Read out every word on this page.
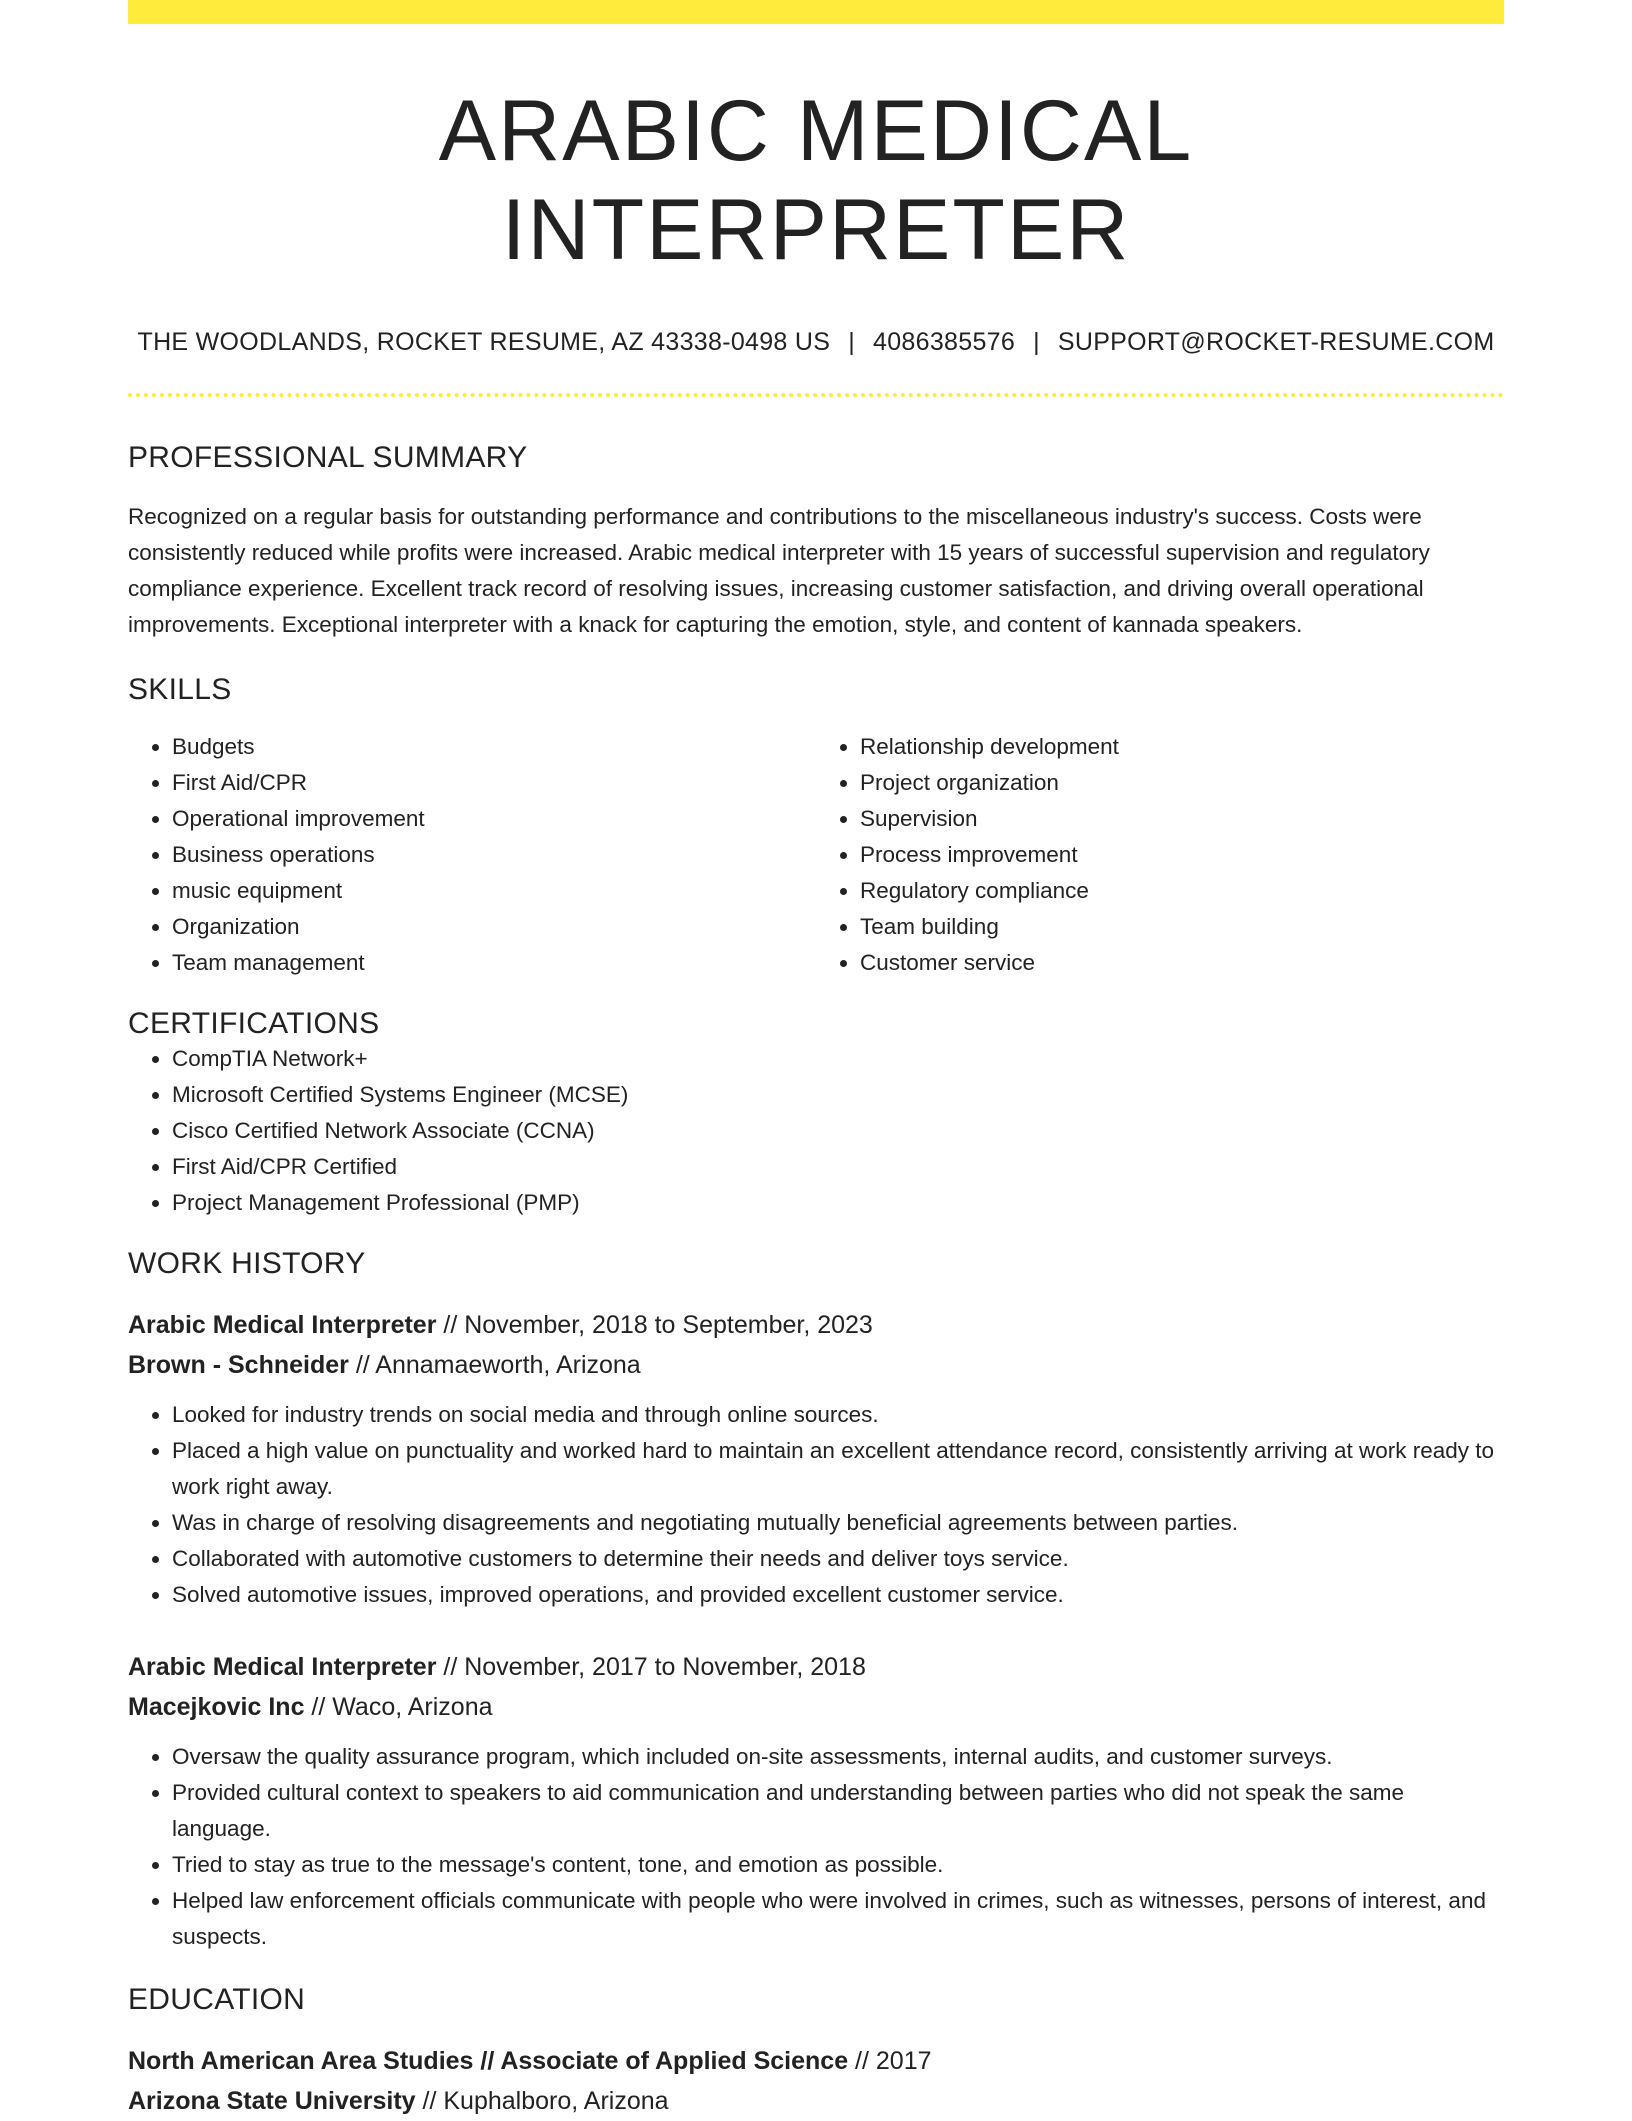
ARABIC MEDICAL INTERPRETER
THE WOODLANDS, ROCKET RESUME, AZ 43338-0498 US | 4086385576 | SUPPORT@ROCKET-RESUME.COM
PROFESSIONAL SUMMARY

Recognized on a regular basis for outstanding performance and contributions to the miscellaneous industry's success. Costs were consistently reduced while profits were increased. Arabic medical interpreter with 15 years of successful supervision and regulatory compliance experience. Excellent track record of resolving issues, increasing customer satisfaction, and driving overall operational improvements. Exceptional interpreter with a knack for capturing the emotion, style, and content of kannada speakers.

SKILLS
• Budgets
• First Aid/CPR
• Operational improvement
• Business operations
• music equipment
• Organization
• Team management
• Relationship development
• Project organization
• Supervision
• Process improvement
• Regulatory compliance
• Team building
• Customer service
CERTIFICATIONS
• CompTIA Network+
• Microsoft Certified Systems Engineer (MCSE)
• Cisco Certified Network Associate (CCNA)
• First Aid/CPR Certified
• Project Management Professional (PMP)
WORK HISTORY
Arabic Medical Interpreter // November, 2018 to September, 2023
Brown - Schneider // Annamaeworth, Arizona
• Looked for industry trends on social media and through online sources.
• Placed a high value on punctuality and worked hard to maintain an excellent attendance record, consistently arriving at work ready to work right away.
• Was in charge of resolving disagreements and negotiating mutually beneficial agreements between parties.
• Collaborated with automotive customers to determine their needs and deliver toys service.
• Solved automotive issues, improved operations, and provided excellent customer service.
Arabic Medical Interpreter // November, 2017 to November, 2018
Macejkovic Inc // Waco, Arizona
• Oversaw the quality assurance program, which included on-site assessments, internal audits, and customer surveys.
• Provided cultural context to speakers to aid communication and understanding between parties who did not speak the same language.
• Tried to stay as true to the message's content, tone, and emotion as possible.
• Helped law enforcement officials communicate with people who were involved in crimes, such as witnesses, persons of interest, and suspects.
EDUCATION
North American Area Studies // Associate of Applied Science // 2017
Arizona State University // Kuphalboro, Arizona
